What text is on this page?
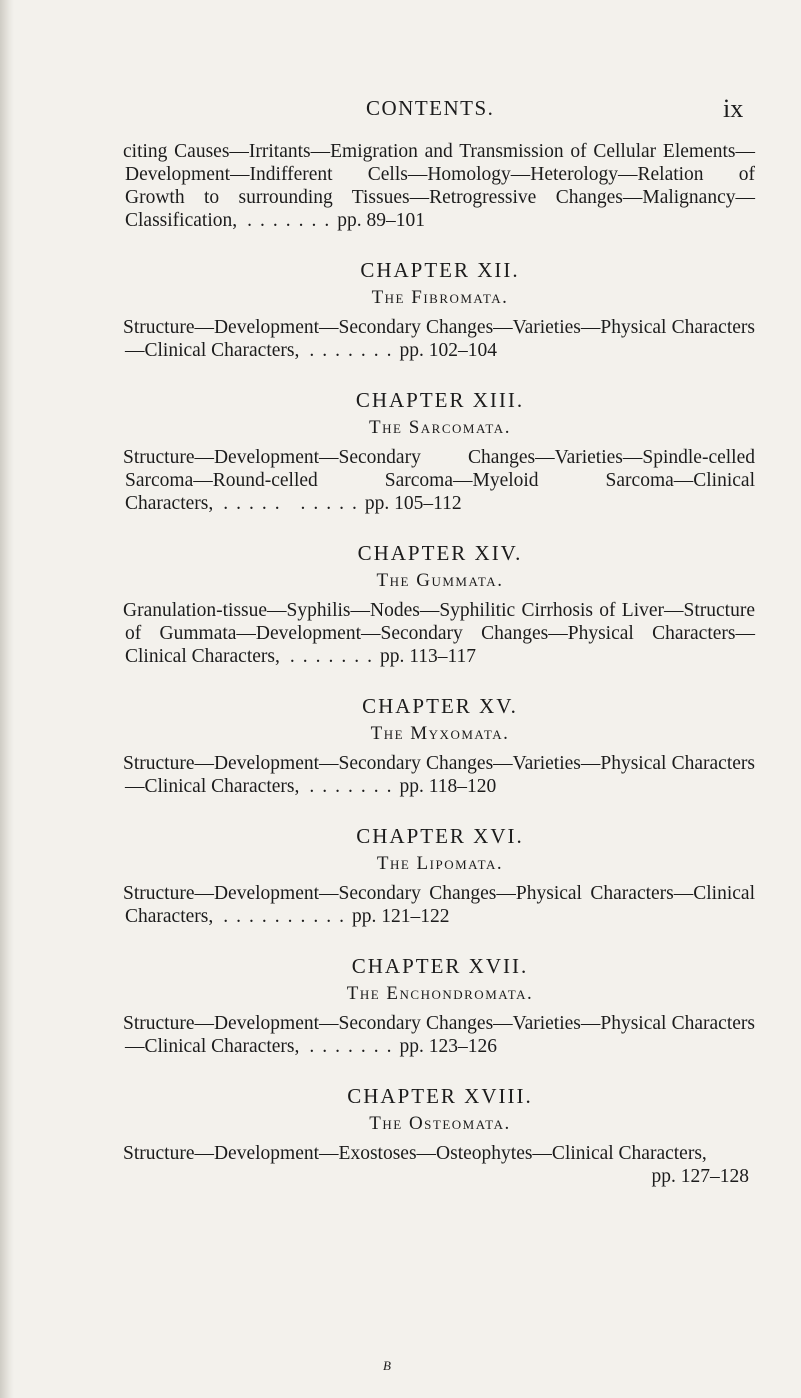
CONTENTS.	ix

citing Causes—Irritants—Emigration and Transmission of Cellular Elements—Development—Indifferent Cells—Homology—Heterology—Relation of Growth to surrounding Tissues—Retrogressive Changes—Malignancy—Classification, .......pp. 89–101

CHAPTER XII.
The Fibromata.

Structure—Development—Secondary Changes—Varieties—Physical Characters—Clinical Characters, .......pp. 102–104

CHAPTER XIII.
The Sarcomata.

Structure—Development—Secondary Changes—Varieties—Spindle-celled Sarcoma—Round-celled Sarcoma—Myeloid Sarcoma—Clinical Characters, ..... .....pp. 105–112

CHAPTER XIV.
The Gummata.

Granulation-tissue—Syphilis—Nodes—Syphilitic Cirrhosis of Liver—Structure of Gummata—Development—Secondary Changes—Physical Characters—Clinical Characters, .......pp. 113–117

CHAPTER XV.
The Myxomata.

Structure—Development—Secondary Changes—Varieties—Physical Characters—Clinical Characters, .......pp. 118–120

CHAPTER XVI.
The Lipomata.

Structure—Development—Secondary Changes—Physical Characters—Clinical Characters, ..........pp. 121–122

CHAPTER XVII.
The Enchondromata.

Structure—Development—Secondary Changes—Varieties—Physical Characters—Clinical Characters, .......pp. 123–126

CHAPTER XVIII.
The Osteomata.

Structure—Development—Exostoses—Osteophytes—Clinical Characters,

pp. 127–128
B
